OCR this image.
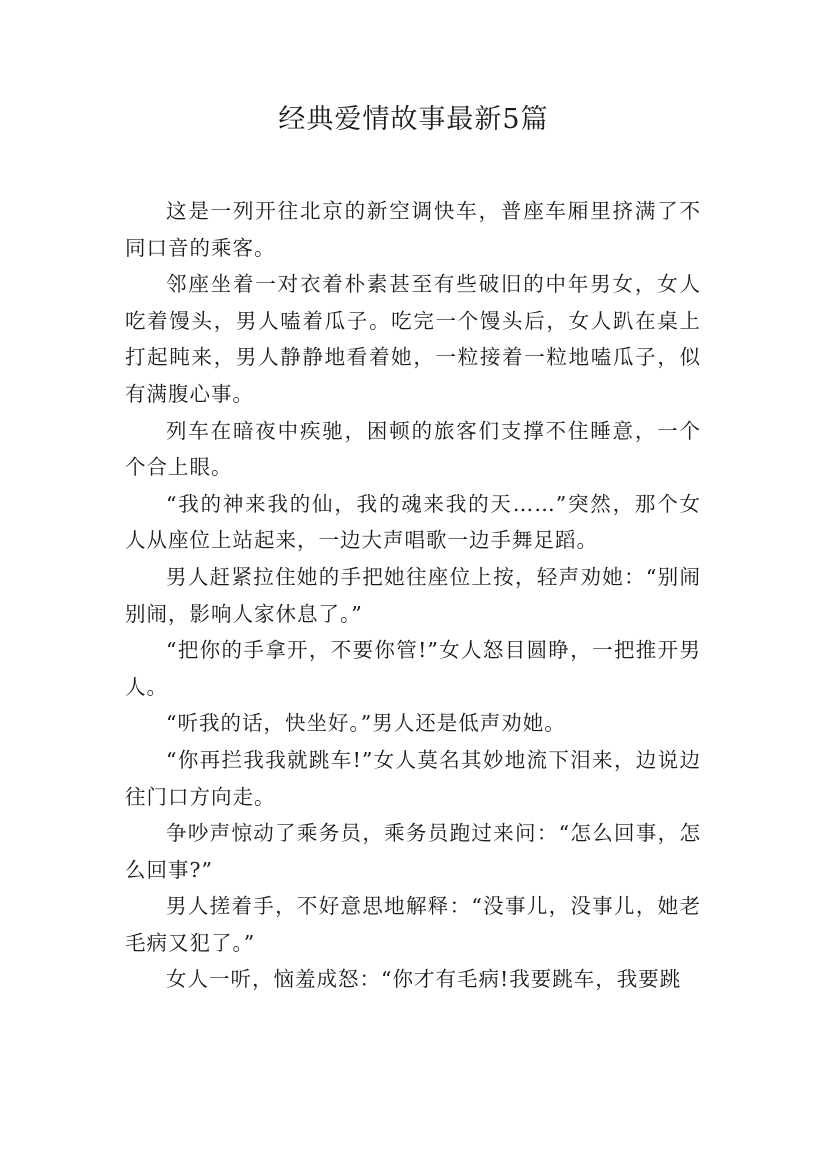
经典爱情故事最新5篇

这是一列开往北京的新空调快车，普座车厢里挤满了不同口音的乘客。

邻座坐着一对衣着朴素甚至有些破旧的中年男女，女人吃着馒头，男人嗑着瓜子。吃完一个馒头后，女人趴在桌上打起盹来，男人静静地看着她，一粒接着一粒地嗑瓜子，似有满腹心事。

列车在暗夜中疾驰，困顿的旅客们支撑不住睡意，一个个合上眼。

“我的神来我的仙，我的魂来我的天……”突然，那个女人从座位上站起来，一边大声唱歌一边手舞足蹈。

男人赶紧拉住她的手把她往座位上按，轻声劝她：“别闹别闹，影响人家休息了。”

“把你的手拿开，不要你管!”女人怒目圆睁，一把推开男人。

“听我的话，快坐好。”男人还是低声劝她。

“你再拦我我就跳车!”女人莫名其妙地流下泪来，边说边往门口方向走。

争吵声惊动了乘务员，乘务员跑过来问：“怎么回事，怎么回事?”

男人搓着手，不好意思地解释：“没事儿，没事儿，她老毛病又犯了。”

女人一听，恼羞成怒：“你才有毛病!我要跳车，我要跳
